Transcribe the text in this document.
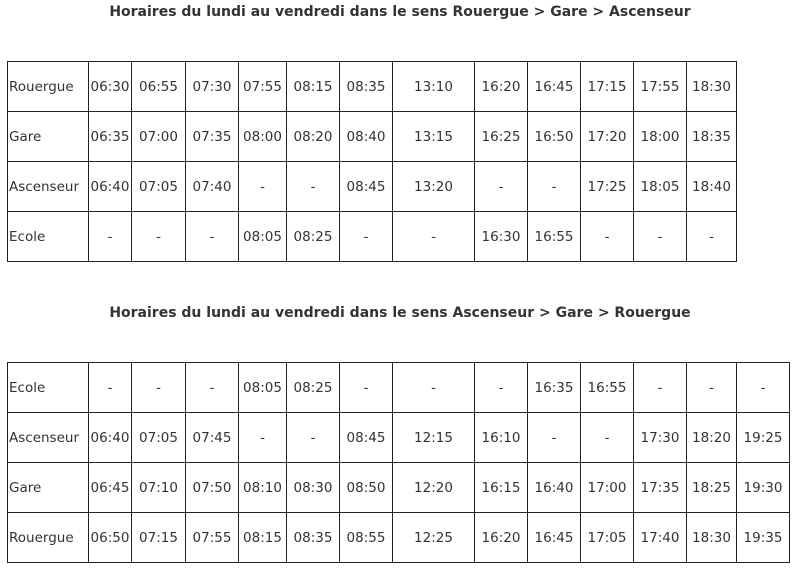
Horaires du lundi au vendredi dans le sens Rouergue > Gare > Ascenseur
Rouergue	06:30	06:55	07:30	07:55	08:15	08:35	13:10	16:20	16:45	17:15	17:55	18:30
Gare	06:35	07:00	07:35	08:00	08:20	08:40	13:15	16:25	16:50	17:20	18:00	18:35
Ascenseur	06:40	07:05	07:40	-	-	08:45	13:20	-	-	17:25	18:05	18:40
Ecole	-	-	-	08:05	08:25	-	-	16:30	16:55	-	-	-
Horaires du lundi au vendredi dans le sens Ascenseur > Gare > Rouergue
Ecole	-	-	-	08:05	08:25	-	-	-	16:35	16:55	-	-	-
Ascenseur	06:40	07:05	07:45	-	-	08:45	12:15	16:10	-	-	17:30	18:20	19:25
Gare	06:45	07:10	07:50	08:10	08:30	08:50	12:20	16:15	16:40	17:00	17:35	18:25	19:30
Rouergue	06:50	07:15	07:55	08:15	08:35	08:55	12:25	16:20	16:45	17:05	17:40	18:30	19:35
